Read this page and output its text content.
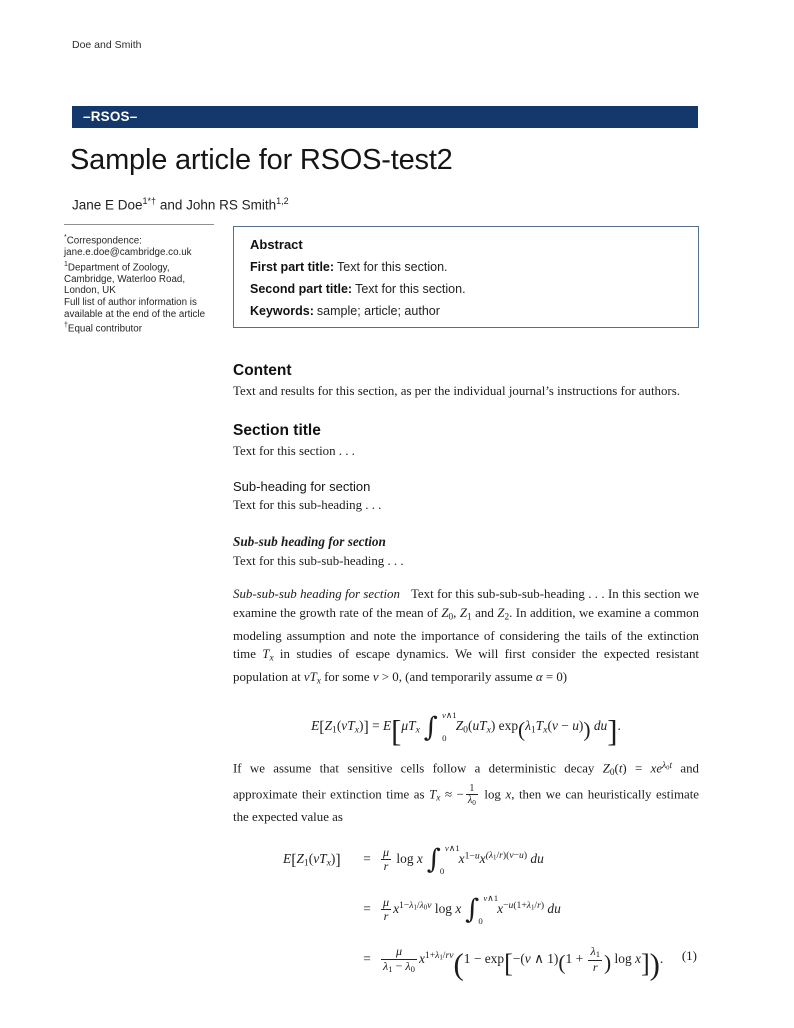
Doe and Smith
–RSOS–
Sample article for RSOS-test2
Jane E Doe$^{1*\dagger}$ and John RS Smith$^{1,2}$
*Correspondence:
jane.e.doe@cambridge.co.uk
$^1$Department of Zoology,
Cambridge, Waterloo Road,
London, UK
Full list of author information is
available at the end of the article
†Equal contributor
Abstract
First part title: Text for this section.
Second part title: Text for this section.
Keywords: sample; article; author
Content

Text and results for this section, as per the individual journal’s instructions for authors.

Section title

Text for this section . . .

Sub-heading for section

Text for this sub-heading . . .

Sub-sub heading for section

Text for this sub-sub-heading . . .

Sub-sub-sub heading for section Text for this sub-sub-sub-heading . . . In this section we examine the growth rate of the mean of Z0, Z1 and Z2. In addition, we examine a common modeling assumption and note the importance of considering the tails of the extinction time Tx in studies of escape dynamics. We will first consider the expected resistant population at vTx for some v > 0, (and temporarily assume α = 0)

E[Z1(vTx)] = E[μTx ∫ v∧1
0
Z0(uTx) exp(λ1Tx(v − u)) du].

If we assume that sensitive cells follow a deterministic decay $Z0(t) = xe^{\lambda 0t}$ and approximate their extinction time as Tx ≈ − $\frac{1}{\lambda 0}$ log x, then we can heuristically estimate the expected value as

$E[Z1(vTx)] = \frac{\mu}{r}$ log x ∫ v∧1
0
$x^{1-u}x^{(\lambda 1/r)(v-u)}$ du
= $\frac{\mu}{r} x^{1-\lambda 1/\lambda 0v}$ log x ∫ v∧1
0
$x^{-u(1+\lambda 1/r)}$ du
= $\frac{\mu}{\lambda 1 - \lambda 0} x^{1+\lambda 1/rv}(1 - \exp[-(v$ ∧ $1)(1 + \frac{\lambda 1}{r}$ ) log x]). (1)
